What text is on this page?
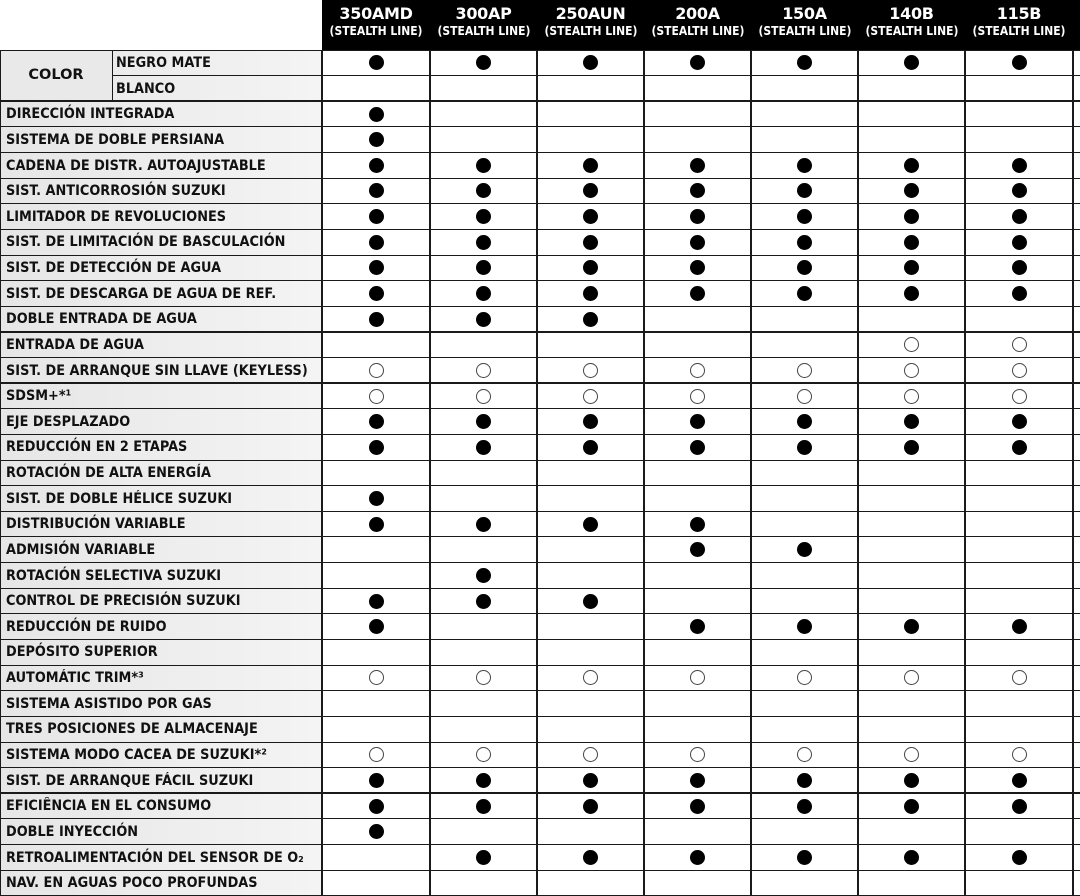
350AMD
(STEALTH LINE)
300AP
(STEALTH LINE)
250AUN
(STEALTH LINE)
200A
(STEALTH LINE)
150A
(STEALTH LINE)
140B
(STEALTH LINE)
115B
(STEALTH LINE)
NEGRO MATE
BLANCO
DIRECCIÓN INTEGRADA
SISTEMA DE DOBLE PERSIANA
CADENA DE DISTR. AUTOAJUSTABLE
SIST. ANTICORROSIÓN SUZUKI
LIMITADOR DE REVOLUCIONES
SIST. DE LIMITACIÓN DE BASCULACIÓN
SIST. DE DETECCIÓN DE AGUA
SIST. DE DESCARGA DE AGUA DE REF.
DOBLE ENTRADA DE AGUA
ENTRADA DE AGUA
SIST. DE ARRANQUE SIN LLAVE (KEYLESS)
SDSM+*¹
EJE DESPLAZADO
REDUCCIÓN EN 2 ETAPAS
ROTACIÓN DE ALTA ENERGÍA
SIST. DE DOBLE HÉLICE SUZUKI
DISTRIBUCIÓN VARIABLE
ADMISIÓN VARIABLE
ROTACIÓN SELECTIVA SUZUKI
CONTROL DE PRECISIÓN SUZUKI
REDUCCIÓN DE RUIDO
DEPÓSITO SUPERIOR
AUTOMÁTIC TRIM*³
SISTEMA ASISTIDO POR GAS
TRES POSICIONES DE ALMACENAJE
SISTEMA MODO CACEA DE SUZUKI*²
SIST. DE ARRANQUE FÁCIL SUZUKI
EFICIÊNCIA EN EL CONSUMO
DOBLE INYECCIÓN
RETROALIMENTACIÓN DEL SENSOR DE O₂
NAV. EN AGUAS POCO PROFUNDAS
COLOR
